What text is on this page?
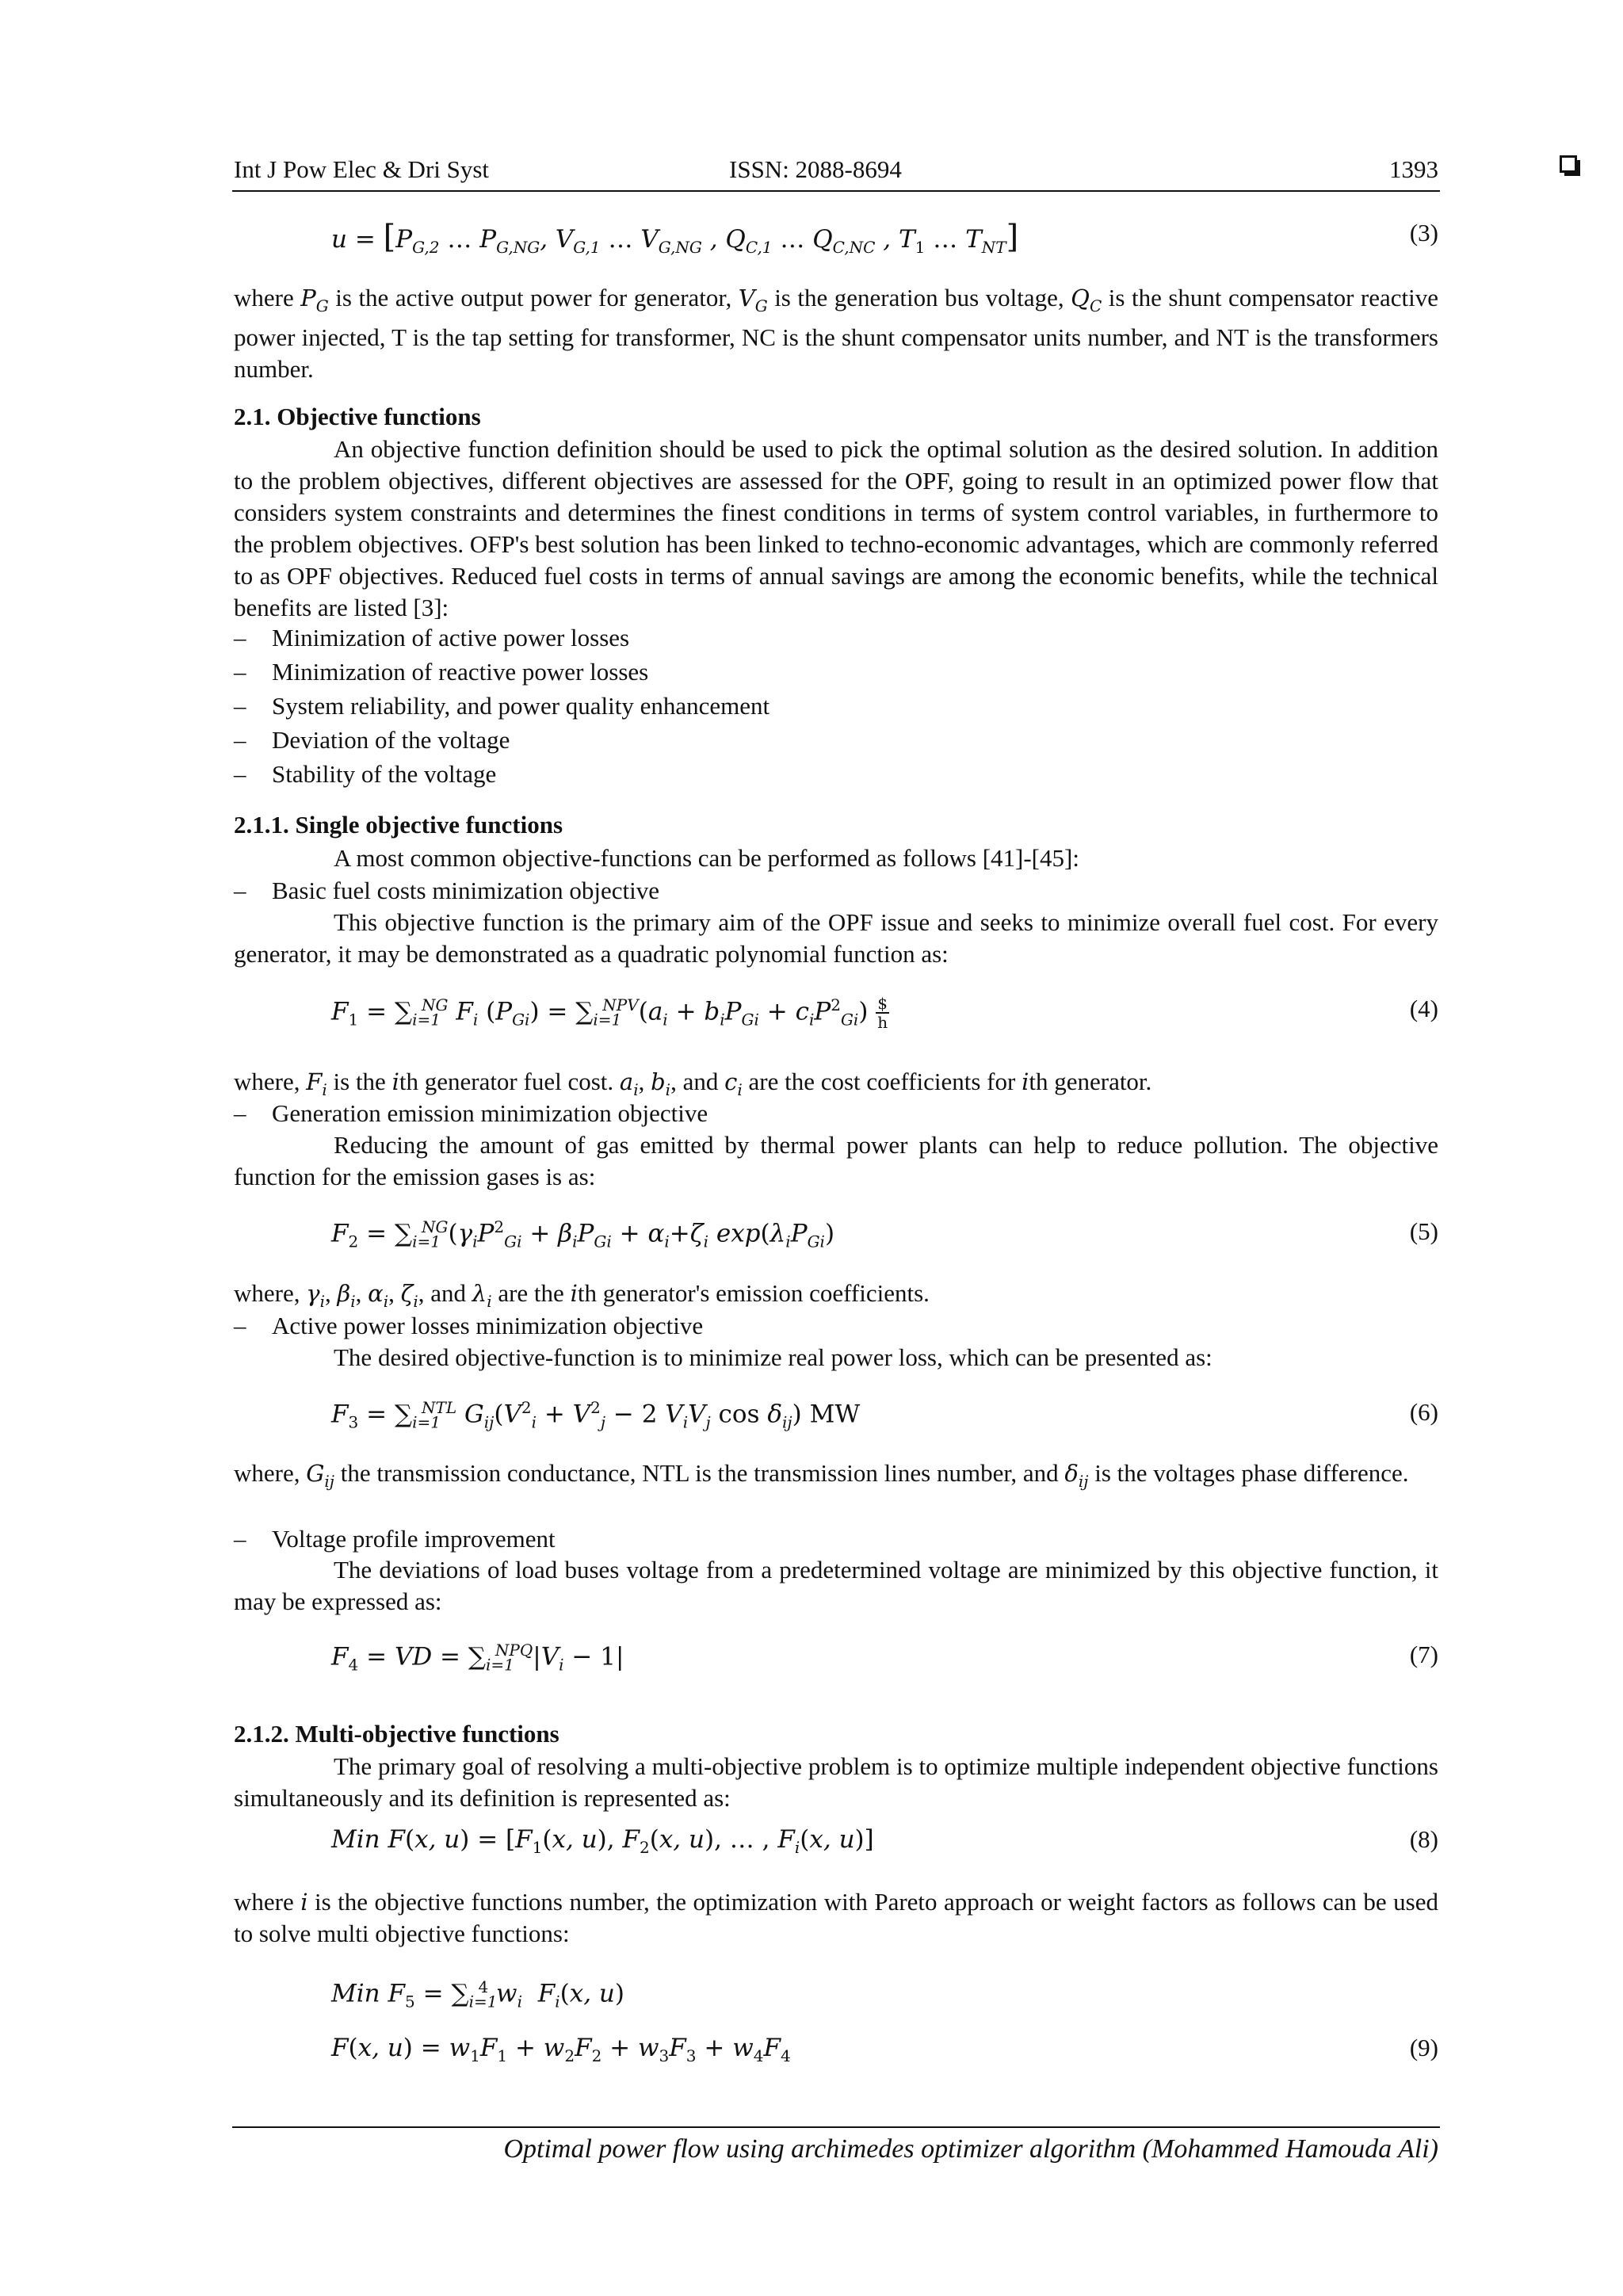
Int J Pow Elec & Dri Syst	ISSN: 2088-8694	1393
$u = [P_{G,2}$ … $P_{G,NG}$, $V_{G,1}$ … $V_{G,NG}$ , $Q_{C,1}$ … $Q_{C,NC}$ , $T_1$ … $T_{NT}$]	(3)
where $P_G$ is the active output power for generator, $V_G$ is the generation bus voltage, $Q_C$ is the shunt compensator reactive power injected, T is the tap setting for transformer, NC is the shunt compensator units number, and NT is the transformers number.
2.1. Objective functions
An objective function definition should be used to pick the optimal solution as the desired solution. In addition to the problem objectives, different objectives are assessed for the OPF, going to result in an optimized power flow that considers system constraints and determines the finest conditions in terms of system control variables, in furthermore to the problem objectives. OFP's best solution has been linked to techno-economic advantages, which are commonly referred to as OPF objectives. Reduced fuel costs in terms of annual savings are among the economic benefits, while the technical benefits are listed [3]:
– Minimization of active power losses
– Minimization of reactive power losses
– System reliability, and power quality enhancement
– Deviation of the voltage
– Stability of the voltage
2.1.1. Single objective functions
A most common objective-functions can be performed as follows [41]-[45]:
– Basic fuel costs minimization objective
This objective function is the primary aim of the OPF issue and seeks to minimize overall fuel cost. For every generator, it may be demonstrated as a quadratic polynomial function as:
$F_1 = \sum_{i=1}^{NG}$ $F_i$ $(P_{Gi}) = \sum_{i=1}^{NPV}(a_i + b_iP_{Gi} + c_iP^2_{Gi})$ $
h	(4)
where, $F_i$ is the ith generator fuel cost. $a_i$, $b_i$, and $c_i$ are the cost coefficients for ith generator.
– Generation emission minimization objective
Reducing the amount of gas emitted by thermal power plants can help to reduce pollution. The objective function for the emission gases is as:
$F_2 = \sum_{i=1}^{NG}(\gamma_iP^2_{Gi} + \beta_iP_{Gi} + \alpha_i+\zeta_i$ $\exp(\lambda_iP_{Gi})$	(5)
where, $\gamma_i$, $\beta_i$, $\alpha_i$, $\zeta_i$, and $\lambda_i$ are the ith generator's emission coefficients.
– Active power losses minimization objective
The desired objective-function is to minimize real power loss, which can be presented as:
$F_3 = \sum_{i=1}^{NTL}$ $G_{ij}(V^2_i + V^2_j - 2$ $V_iV_j$ $\cos \delta_{ij}$) MW	(6)
where, $G_{ij}$ the transmission conductance, NTL is the transmission lines number, and $\delta_{ij}$ is the voltages phase difference.
– Voltage profile improvement
The deviations of load buses voltage from a predetermined voltage are minimized by this objective function, it may be expressed as:
$F_4$ = VD = $\sum_{i=1}^{NPQ}|V_i - 1|$	(7)
2.1.2. Multi-objective functions
The primary goal of resolving a multi-objective problem is to optimize multiple independent objective functions simultaneously and its definition is represented as:
Min F(x, $u) = [F_1(x$, u), $F_2(x$, u), … , $F_i(x$, u)]	(8)
where i is the objective functions number, the optimization with Pareto approach or weight factors as follows can be used to solve multi objective functions:
Min $F_5 = \sum_{i=1}^4$ $w_i$  $F_i(x$, u)
F(x, $u) = w_1F_1 + w_2F_2 + w_3F_3 + w_4F_4$	(9)
Optimal power flow using archimedes optimizer algorithm (Mohammed Hamouda Ali)
